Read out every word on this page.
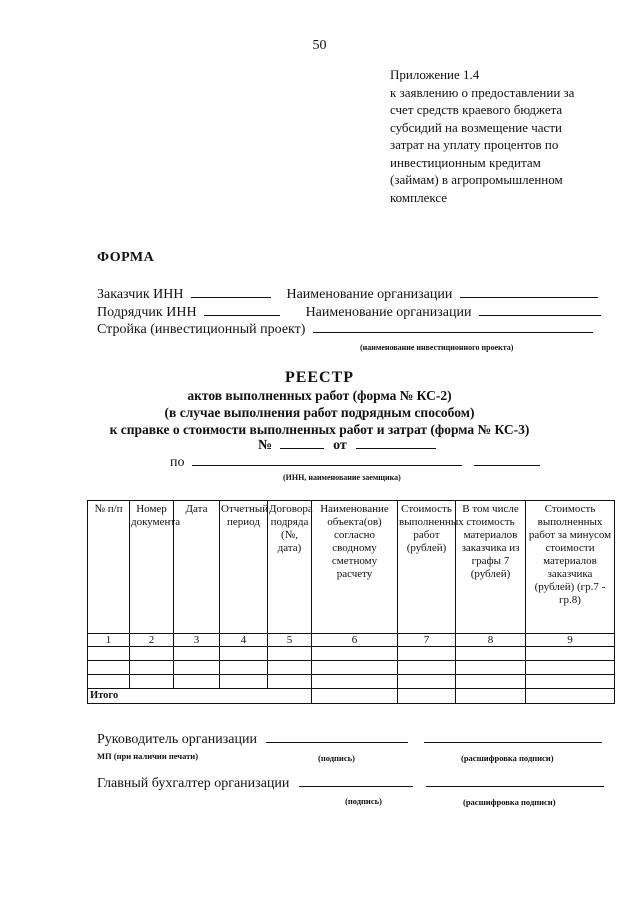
50
Приложение 1.4
к заявлению о предоставлении за
счет средств краевого бюджета
субсидий на возмещение части
затрат на уплату процентов по
инвестиционным кредитам
(займам) в агропромышленном
комплексе
ФОРМА
Заказчик ИНН	Наименование организации
Подрядчик ИНН	Наименование организации
Стройка (инвестиционный проект)
(наименование инвестиционного проекта)
РЕЕСТР
актов выполненных работ (форма № КС-2)
(в случае выполнения работ подрядным способом)
к справке о стоимости выполненных работ и затрат (форма № КС-3)
№	от
по
(ИНН, наименование заемщика)
№ п/п	Номер документа	Дата	Отчетный период	Договора подряда (№, дата)	Наименование объекта(ов) согласно сводному сметному расчету	Стоимость выполненных работ (рублей)	В том числе стоимость материалов заказчика из графы 7 (рублей)	Стоимость выполненных работ за минусом стоимости материалов заказчика (рублей) (гр.7 - гр.8)
1	2	3	4	5	6	7	8	9

Итого								
Руководитель организации
МП (при наличии печати)	(подпись)	(расшифровка подписи)
Главный бухгалтер организации
(подпись)	(расшифровка подписи)
